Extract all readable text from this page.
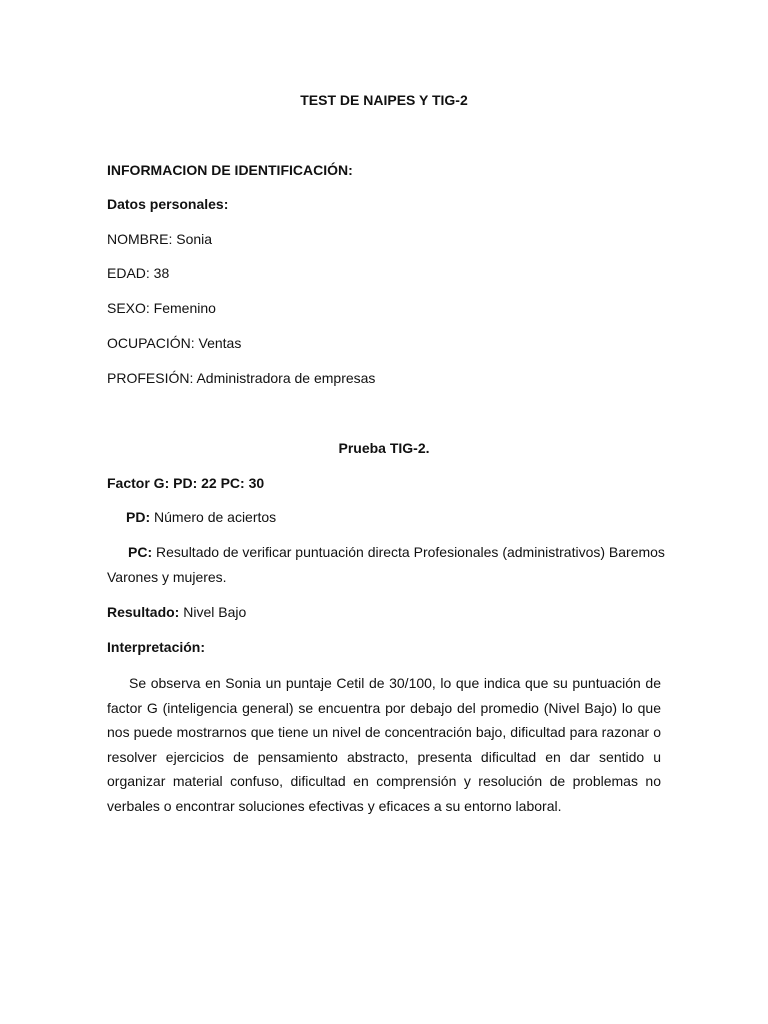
TEST DE NAIPES Y TIG-2
INFORMACION DE IDENTIFICACIÓN:
Datos personales:
NOMBRE: Sonia
EDAD: 38
SEXO: Femenino
OCUPACIÓN: Ventas
PROFESIÓN: Administradora de empresas
Prueba TIG-2.
Factor G: PD: 22 PC: 30
PD: Número de aciertos
PC: Resultado de verificar puntuación directa Profesionales (administrativos) Baremos
Varones y mujeres.
Resultado: Nivel Bajo
Interpretación:
Se observa en Sonia un puntaje Cetil de 30/100, lo que indica que su puntuación de factor G (inteligencia general) se encuentra por debajo del promedio (Nivel Bajo) lo que nos puede mostrarnos que tiene un nivel de concentración bajo, dificultad para razonar o resolver ejercicios de pensamiento abstracto, presenta dificultad en dar sentido u organizar material confuso, dificultad en comprensión y resolución de problemas no verbales o encontrar soluciones efectivas y eficaces a su entorno laboral.
